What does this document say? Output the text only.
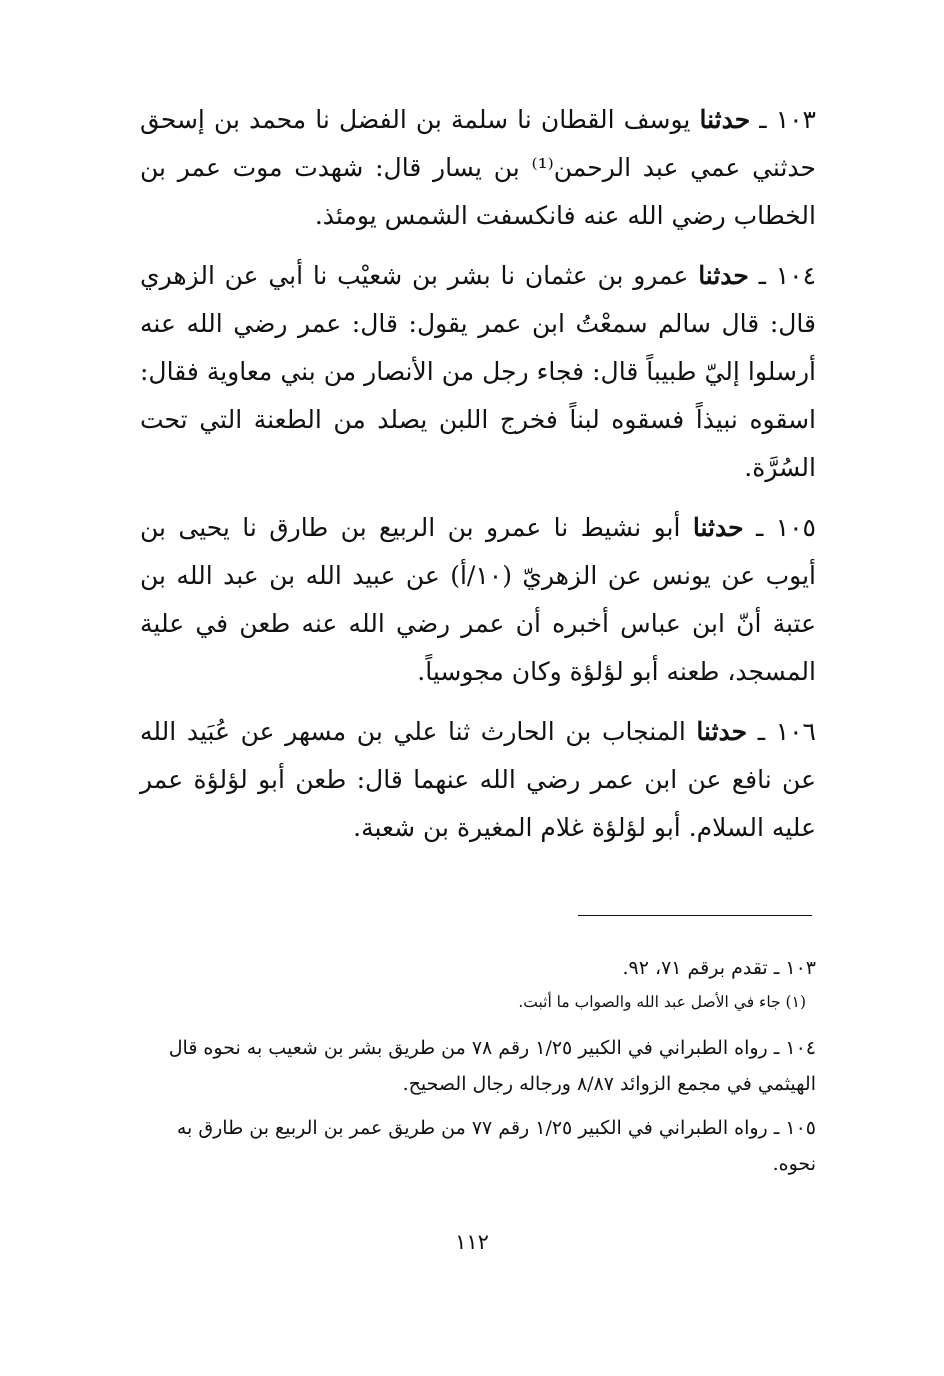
١٠٣ ـ حدثنا يوسف القطان نا سلمة بن الفضل نا محمد بن إسحق حدثني عمي عبد الرحمن⁽¹⁾ بن يسار قال: شهدت موت عمر بن الخطاب رضي الله عنه فانكسفت الشمس يومئذ.

١٠٤ ـ حدثنا عمرو بن عثمان نا بشر بن شعيْب نا أبي عن الزهري قال: قال سالم سمعْتُ ابن عمر يقول: قال: عمر رضي الله عنه أرسلوا إليّ طبيباً قال: فجاء رجل من الأنصار من بني معاوية فقال: اسقوه نبيذاً فسقوه لبناً فخرج اللبن يصلد من الطعنة التي تحت السُرَّة.

١٠٥ ـ حدثنا أبو نشيط نا عمرو بن الربيع بن طارق نا يحيى بن أيوب عن يونس عن الزهريّ (١٠/أ) عن عبيد الله بن عبد الله بن عتبة أنّ ابن عباس أخبره أن عمر رضي الله عنه طعن في علية المسجد، طعنه أبو لؤلؤة وكان مجوسياً.

١٠٦ ـ حدثنا المنجاب بن الحارث ثنا علي بن مسهر عن عُبَيد الله عن نافع عن ابن عمر رضي الله عنهما قال: طعن أبو لؤلؤة عمر عليه السلام. أبو لؤلؤة غلام المغيرة بن شعبة.

١٠٣ ـ تقدم برقم ٧١، ٩٢.

(١) جاء في الأصل عبد الله والصواب ما أثبت.

١٠٤ ـ رواه الطبراني في الكبير ١/٢٥ رقم ٧٨ من طريق بشر بن شعيب به نحوه قال الهيثمي في مجمع الزوائد ٨/٨٧ ورجاله رجال الصحيح.

١٠٥ ـ رواه الطبراني في الكبير ١/٢٥ رقم ٧٧ من طريق عمر بن الربيع بن طارق به نحوه.

١١٢
